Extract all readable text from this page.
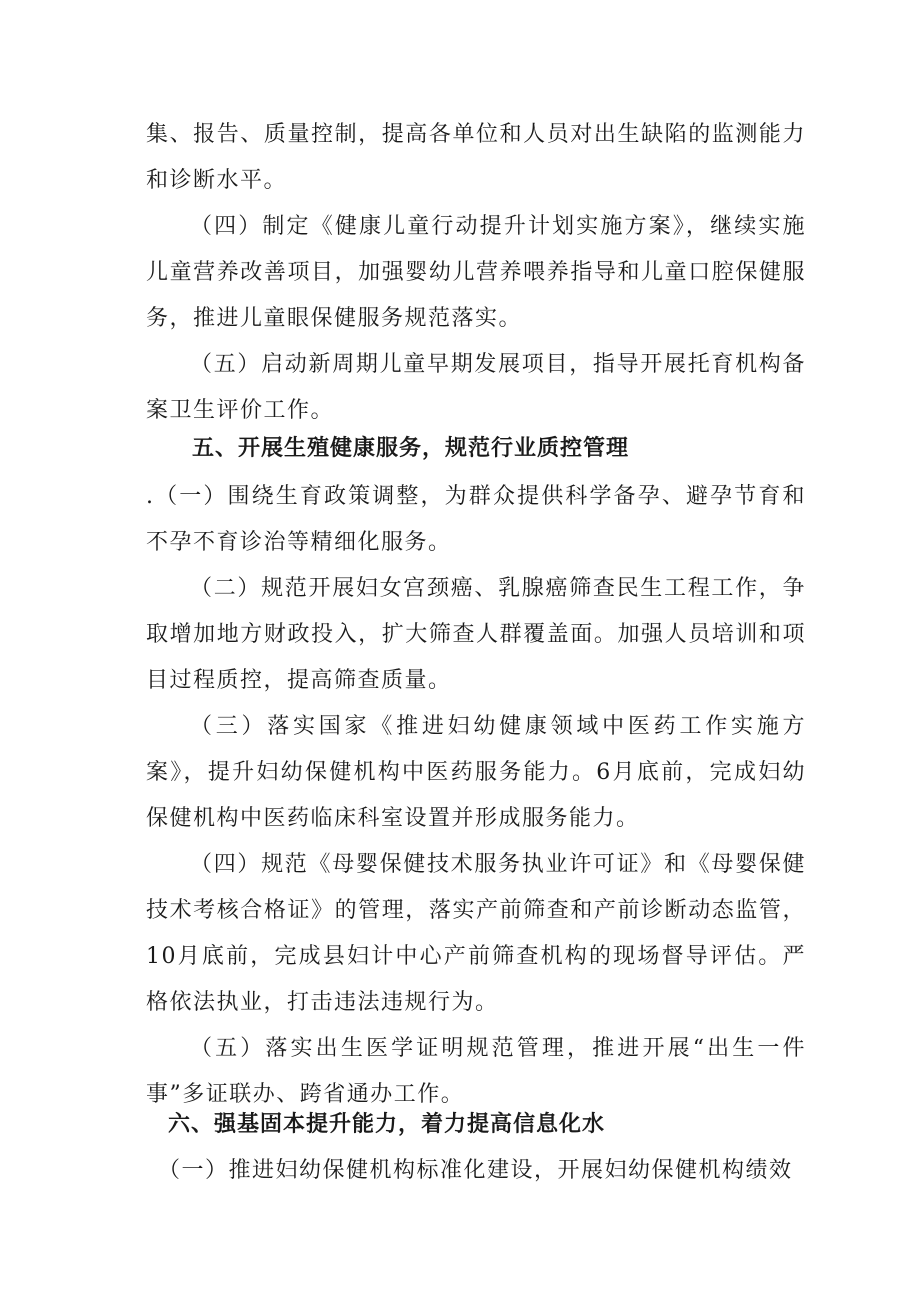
集、报告、质量控制，提高各单位和人员对出生缺陷的监测能力和诊断水平。

（四）制定《健康儿童行动提升计划实施方案》，继续实施儿童营养改善项目，加强婴幼儿营养喂养指导和儿童口腔保健服务，推进儿童眼保健服务规范落实。

（五）启动新周期儿童早期发展项目，指导开展托育机构备案卫生评价工作。

五、开展生殖健康服务，规范行业质控管理

.（一）围绕生育政策调整，为群众提供科学备孕、避孕节育和不孕不育诊治等精细化服务。

（二）规范开展妇女宫颈癌、乳腺癌筛查民生工程工作，争取增加地方财政投入，扩大筛查人群覆盖面。加强人员培训和项目过程质控，提高筛查质量。

（三）落实国家《推进妇幼健康领域中医药工作实施方案》，提升妇幼保健机构中医药服务能力。6月底前，完成妇幼保健机构中医药临床科室设置并形成服务能力。

（四）规范《母婴保健技术服务执业许可证》和《母婴保健技术考核合格证》的管理，落实产前筛查和产前诊断动态监管，10月底前，完成县妇计中心产前筛查机构的现场督导评估。严格依法执业，打击违法违规行为。

（五）落实出生医学证明规范管理，推进开展“出生一件事”多证联办、跨省通办工作。

六、强基固本提升能力，着力提高信息化水

（一）推进妇幼保健机构标准化建设，开展妇幼保健机构绩效
